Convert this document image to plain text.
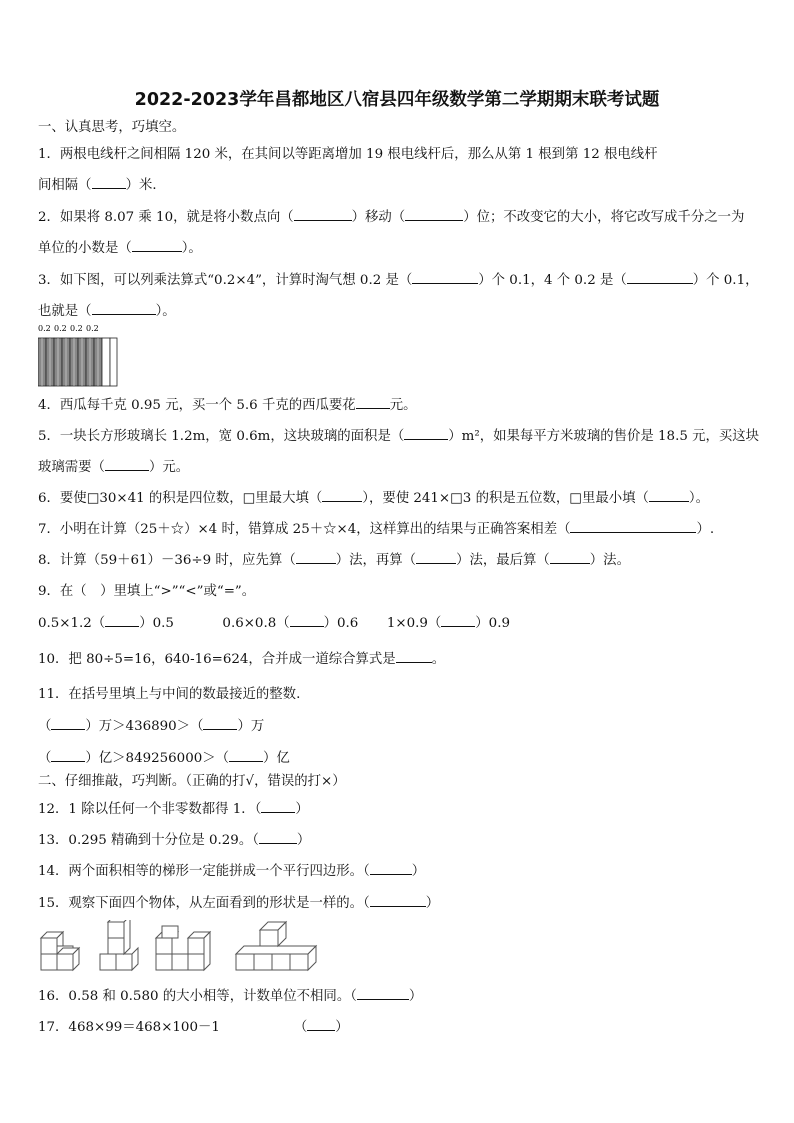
2022-2023学年昌都地区八宿县四年级数学第二学期期末联考试题
一、认真思考，巧填空。
1．两根电线杆之间相隔 120 米，在其间以等距离增加 19 根电线杆后，那么从第 1 根到第 12 根电线杆
间相隔（	）米．
2．如果将 8.07 乘 10，就是将小数点向（	）移动（	）位；不改变它的大小，将它改写成千分之一为
单位的小数是（	）。
3．如下图，可以列乘法算式“0.2×4”，计算时淘气想 0.2 是（	）个 0.1，4 个 0.2 是（	）个 0.1，
也就是（	）。
0.2 0.2 0.2 0.2
4．西瓜每千克 0.95 元，买一个 5.6 千克的西瓜要花	元。
5．一块长方形玻璃长 1.2m，宽 0.6m，这块玻璃的面积是（	）m²，如果每平方米玻璃的售价是 18.5 元，买这块
玻璃需要（	）元。
6．要使□30×41 的积是四位数，□里最大填（	），要使 241×□3 的积是五位数，□里最小填（	）。
7．小明在计算（25＋☆）×4 时，错算成 25＋☆×4，这样算出的结果与正确答案相差（	）.
8．计算（59＋61）－36÷9 时，应先算（	）法，再算（	）法，最后算（	）法。
9．在（　）里填上“>”“<”或“=”。
0.5×1.2（	）0.5	0.6×0.8（	）0.6 1×0.9（	）0.9
10．把 80÷5=16，640-16=624，合并成一道综合算式是	。
11．在括号里填上与中间的数最接近的整数.
（	）万＞436890＞（	）万
（	）亿＞849256000＞（	）亿
二、仔细推敲，巧判断。（正确的打√，错误的打×）
12．1 除以任何一个非零数都得 1．（	）
13．0.295 精确到十分位是 0.29。（	）
14．两个面积相等的梯形一定能拼成一个平行四边形。（	）
15．观察下面四个物体，从左面看到的形状是一样的。（	）
16．0.58 和 0.580 的大小相等，计数单位不相同。（	）
17．468×99＝468×100－1	（ ）
